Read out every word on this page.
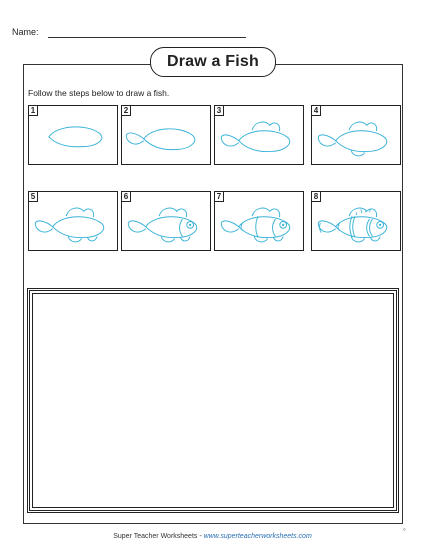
Name:
Draw a Fish
Follow the steps below to draw a fish.
1	2	3	4
5	6	7	8
Super Teacher Worksheets - www.superteacherworksheets.com
©
